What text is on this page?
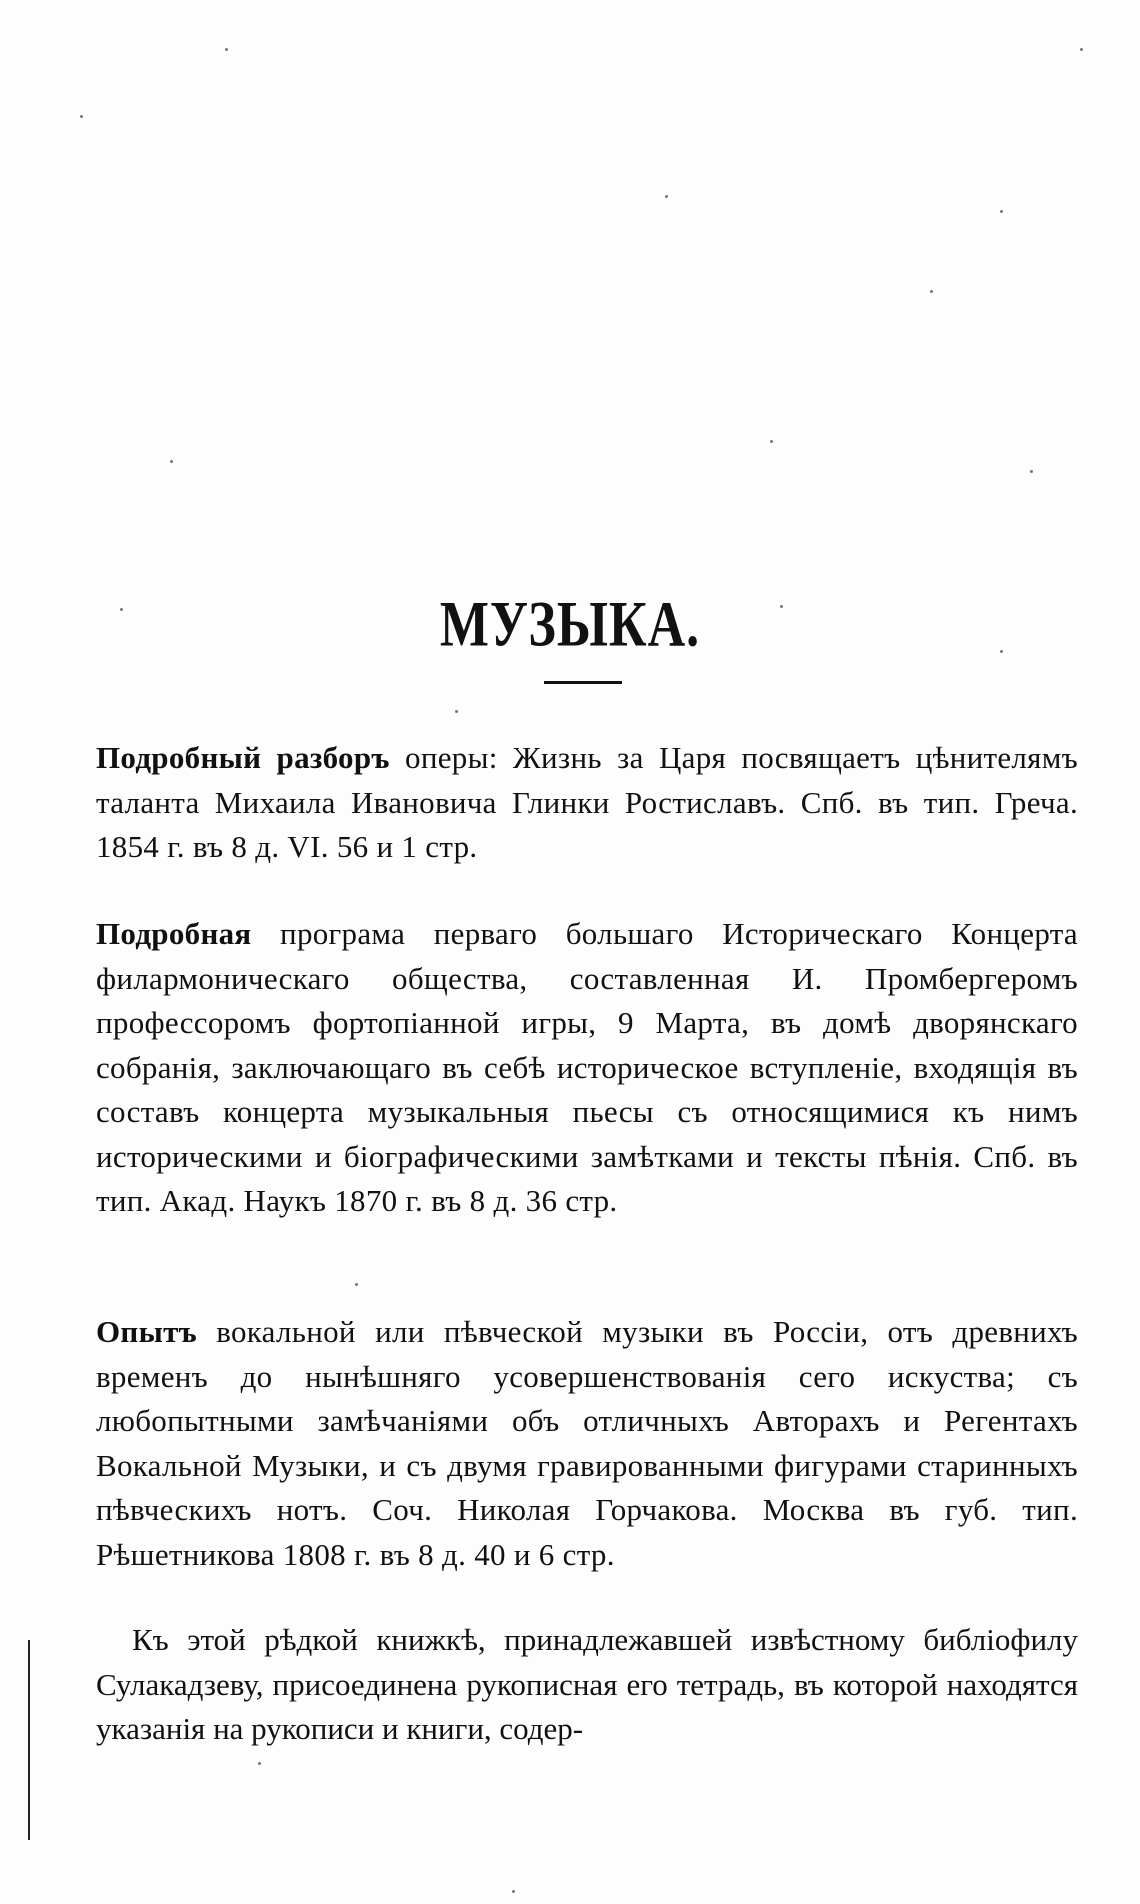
МУЗЫКА.

Подробный разборъ оперы: Жизнь за Царя посвящаетъ цѣнителямъ таланта Михаила Ивановича Глинки Ростиславъ. Спб. въ тип. Греча. 1854 г. въ 8 д. VI. 56 и 1 стр.

Подробная програма перваго большаго Историческаго Концерта филармоническаго общества, составленная И. Промбергеромъ профессоромъ фортопіанной игры, 9 Марта, въ домѣ дворянскаго собранія, заключающаго въ себѣ историческое вступленіе, входящія въ составъ концерта музыкальныя пьесы съ относящимися къ нимъ историческими и біографическими замѣтками и тексты пѣнія. Спб. въ тип. Акад. Наукъ 1870 г. въ 8 д. 36 стр.

Опытъ вокальной или пѣвческой музыки въ Россіи, отъ древнихъ временъ до нынѣшняго усовершенствованія сего искуства; съ любопытными замѣчаніями объ отличныхъ Авторахъ и Регентахъ Вокальной Музыки, и съ двумя гравированными фигурами старинныхъ пѣвческихъ нотъ. Соч. Николая Горчакова. Москва въ губ. тип. Рѣшетникова 1808 г. въ 8 д. 40 и 6 стр.

Къ этой рѣдкой книжкѣ, принадлежавшей извѣстному библіофилу Сулакадзеву, присоединена рукописная его тетрадь, въ которой находятся указанія на рукописи и книги, содер-
